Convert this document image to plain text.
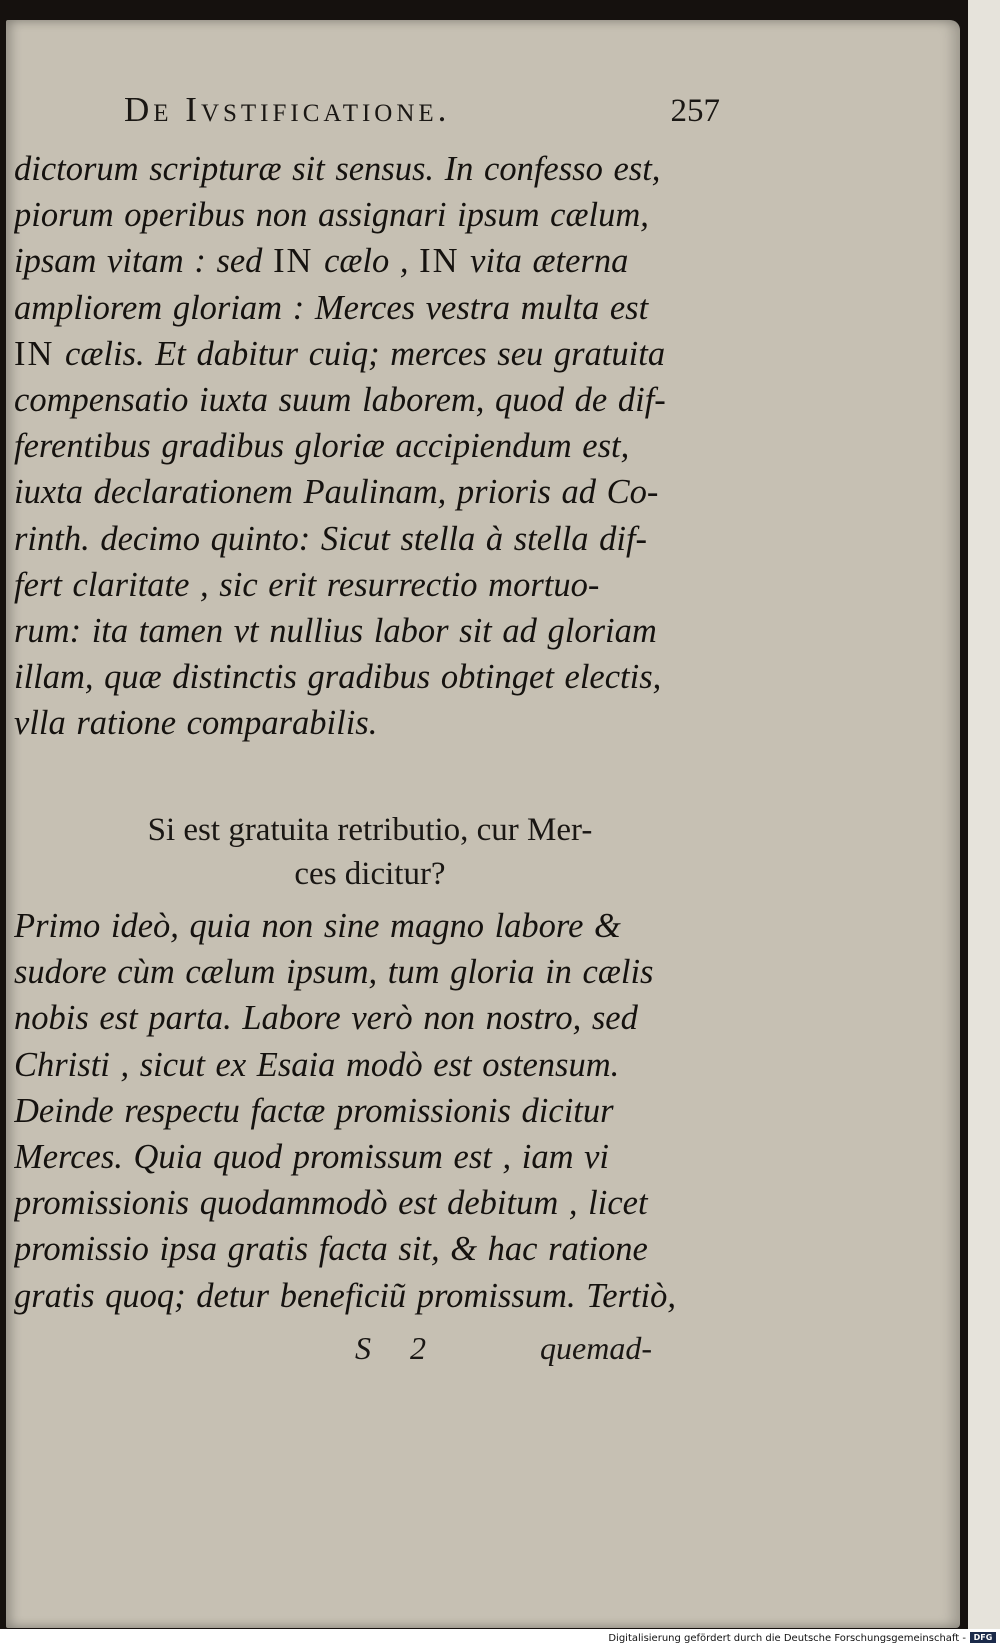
De Ivstificatione.	257
dictorum scripturæ sit sensus. In confesso est,
piorum operibus non assignari ipsum cælum,
ipsam vitam : sed IN cælo , IN vita æterna
ampliorem gloriam : Merces vestra multa est
IN cælis. Et dabitur cuiq; merces seu gratuita
compensatio iuxta suum laborem, quod de dif-
ferentibus gradibus gloriæ accipiendum est,
iuxta declarationem Paulinam, prioris ad Co-
rinth. decimo quinto: Sicut stella à stella dif-
fert claritate , sic erit resurrectio mortuo-
rum: ita tamen vt nullius labor sit ad gloriam
illam, quæ distinctis gradibus obtinget electis,
vlla ratione comparabilis.
Si est gratuita retributio, cur Mer-
ces dicitur?
Primo ideò, quia non sine magno labore &
sudore cùm cælum ipsum, tum gloria in cælis
nobis est parta. Labore verò non nostro, sed
Christi , sicut ex Esaia modò est ostensum.
Deinde respectu factæ promissionis dicitur
Merces. Quia quod promissum est , iam vi
promissionis quodammodò est debitum , licet
promissio ipsa gratis facta sit, & hac ratione
gratis quoq; detur beneficiũ promissum. Tertiò,
S 2	quemad-
Digitalisierung gefördert durch die Deutsche Forschungsgemeinschaft - DFG
